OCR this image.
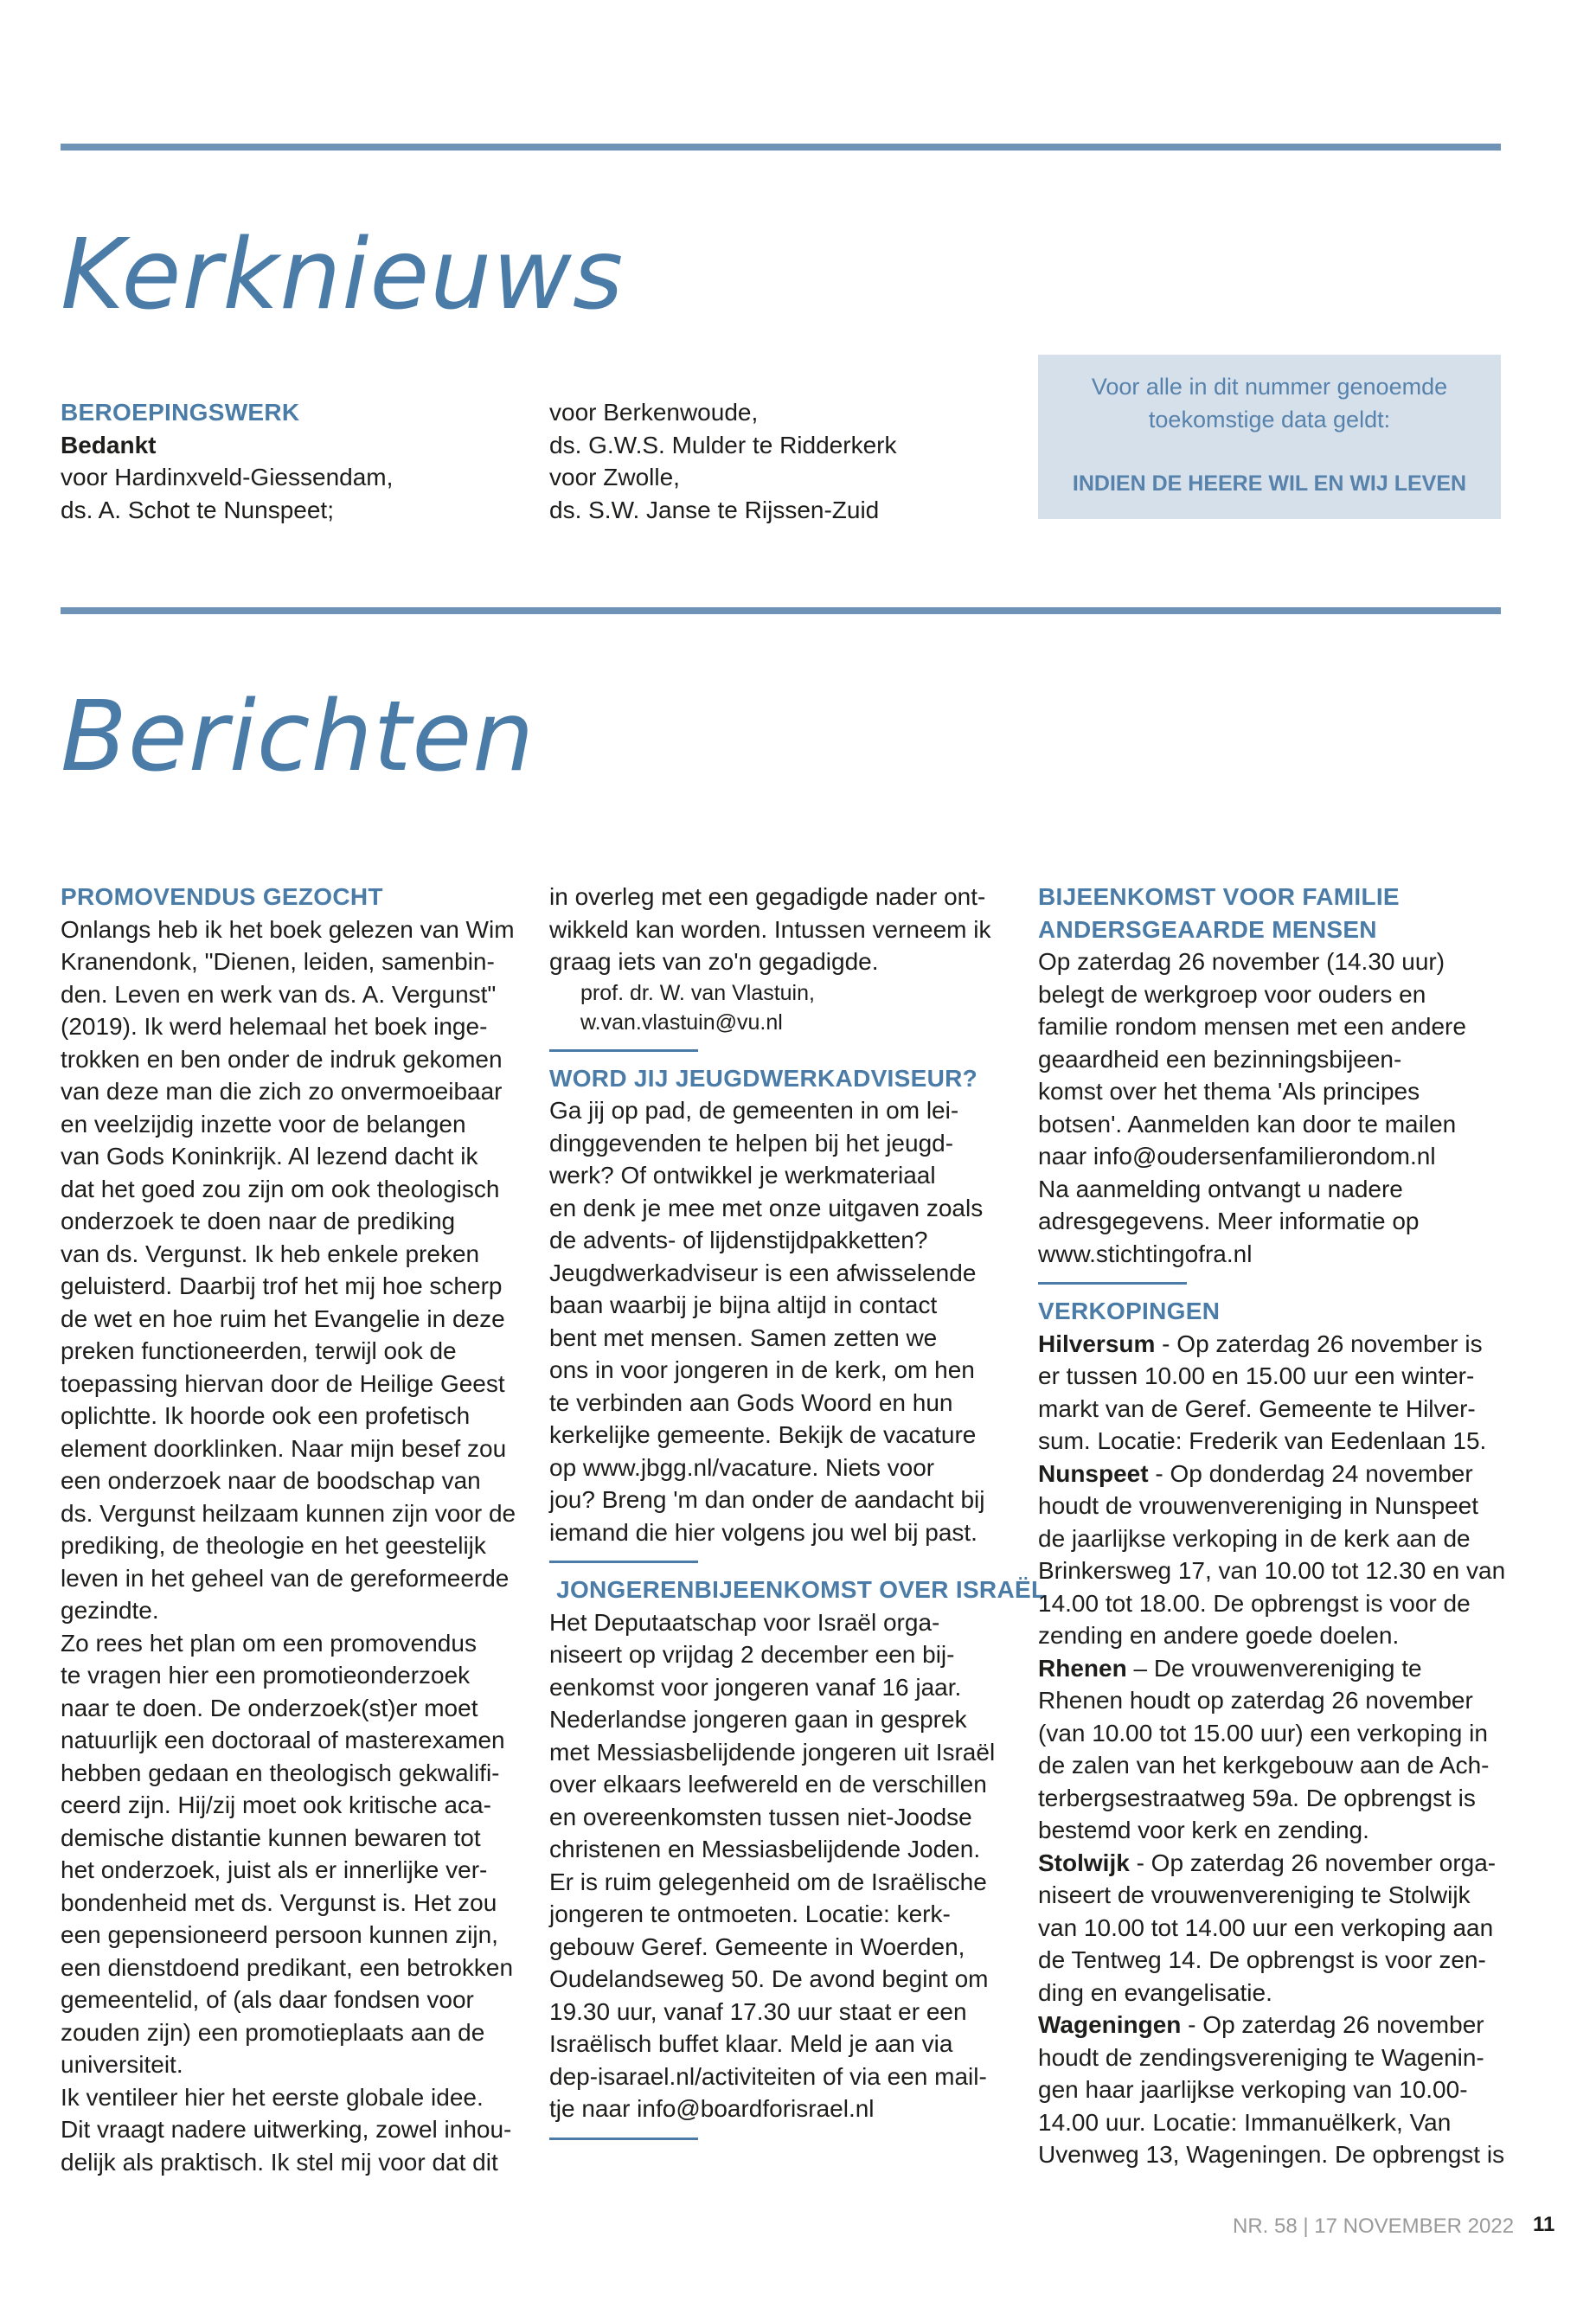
Kerknieuws

BEROEPINGSWERK

Bedankt

voor Hardinxveld-Giessendam,

ds. A. Schot te Nunspeet;

voor Berkenwoude,

ds. G.W.S. Mulder te Ridderkerk

voor Zwolle,

ds. S.W. Janse te Rijssen-Zuid

Voor alle in dit nummer genoemde
toekomstige data geldt:
INDIEN DE HEERE WIL EN WIJ LEVEN
Berichten

PROMOVENDUS GEZOCHT

Onlangs heb ik het boek gelezen van Wim

Kranendonk, "Dienen, leiden, samenbin-

den. Leven en werk van ds. A. Vergunst"

(2019). Ik werd helemaal het boek inge-

trokken en ben onder de indruk gekomen

van deze man die zich zo onvermoeibaar

en veelzijdig inzette voor de belangen

van Gods Koninkrijk. Al lezend dacht ik

dat het goed zou zijn om ook theologisch

onderzoek te doen naar de prediking

van ds. Vergunst. Ik heb enkele preken

geluisterd. Daarbij trof het mij hoe scherp

de wet en hoe ruim het Evangelie in deze

preken functioneerden, terwijl ook de

toepassing hiervan door de Heilige Geest

oplichtte. Ik hoorde ook een profetisch

element doorklinken. Naar mijn besef zou

een onderzoek naar de boodschap van

ds. Vergunst heilzaam kunnen zijn voor de

prediking, de theologie en het geestelijk

leven in het geheel van de gereformeerde

gezindte.

Zo rees het plan om een promovendus

te vragen hier een promotieonderzoek

naar te doen. De onderzoek(st)er moet

natuurlijk een doctoraal of masterexamen

hebben gedaan en theologisch gekwalifi-

ceerd zijn. Hij/zij moet ook kritische aca-

demische distantie kunnen bewaren tot

het onderzoek, juist als er innerlijke ver-

bondenheid met ds. Vergunst is. Het zou

een gepensioneerd persoon kunnen zijn,

een dienstdoend predikant, een betrokken

gemeentelid, of (als daar fondsen voor

zouden zijn) een promotieplaats aan de

universiteit.

Ik ventileer hier het eerste globale idee.

Dit vraagt nadere uitwerking, zowel inhou-

delijk als praktisch. Ik stel mij voor dat dit

in overleg met een gegadigde nader ont-

wikkeld kan worden. Intussen verneem ik

graag iets van zo'n gegadigde.

prof. dr. W. van Vlastuin,

w.van.vlastuin@vu.nl

WORD JIJ JEUGDWERKADVISEUR?

Ga jij op pad, de gemeenten in om lei-

dinggevenden te helpen bij het jeugd-

werk? Of ontwikkel je werkmateriaal

en denk je mee met onze uitgaven zoals

de advents- of lijdenstijdpakketten?

Jeugdwerkadviseur is een afwisselende

baan waarbij je bijna altijd in contact

bent met mensen. Samen zetten we

ons in voor jongeren in de kerk, om hen

te verbinden aan Gods Woord en hun

kerkelijke gemeente. Bekijk de vacature

op www.jbgg.nl/vacature. Niets voor

jou? Breng 'm dan onder de aandacht bij

iemand die hier volgens jou wel bij past.

JONGERENBIJEENKOMST OVER ISRAËL

Het Deputaatschap voor Israël orga-

niseert op vrijdag 2 december een bij-

eenkomst voor jongeren vanaf 16 jaar.

Nederlandse jongeren gaan in gesprek

met Messiasbelijdende jongeren uit Israël

over elkaars leefwereld en de verschillen

en overeenkomsten tussen niet-Joodse

christenen en Messiasbelijdende Joden.

Er is ruim gelegenheid om de Israëlische

jongeren te ontmoeten. Locatie: kerk-

gebouw Geref. Gemeente in Woerden,

Oudelandseweg 50. De avond begint om

19.30 uur, vanaf 17.30 uur staat er een

Israëlisch buffet klaar. Meld je aan via

dep-isarael.nl/activiteiten of via een mail-

tje naar info@boardforisrael.nl

BIJEENKOMST VOOR FAMILIE

ANDERSGEAARDE MENSEN

Op zaterdag 26 november (14.30 uur)

belegt de werkgroep voor ouders en

familie rondom mensen met een andere

geaardheid een bezinningsbijeen-

komst over het thema 'Als principes

botsen'. Aanmelden kan door te mailen

naar info@oudersenfamilierondom.nl

Na aanmelding ontvangt u nadere

adresgegevens. Meer informatie op

www.stichtingofra.nl

VERKOPINGEN

Hilversum - Op zaterdag 26 november is

er tussen 10.00 en 15.00 uur een winter-

markt van de Geref. Gemeente te Hilver-

sum. Locatie: Frederik van Eedenlaan 15.

Nunspeet - Op donderdag 24 november

houdt de vrouwenvereniging in Nunspeet

de jaarlijkse verkoping in de kerk aan de

Brinkersweg 17, van 10.00 tot 12.30 en van

14.00 tot 18.00. De opbrengst is voor de

zending en andere goede doelen.

Rhenen – De vrouwenvereniging te

Rhenen houdt op zaterdag 26 november

(van 10.00 tot 15.00 uur) een verkoping in

de zalen van het kerkgebouw aan de Ach-

terbergsestraatweg 59a. De opbrengst is

bestemd voor kerk en zending.

Stolwijk - Op zaterdag 26 november orga-

niseert de vrouwenvereniging te Stolwijk

van 10.00 tot 14.00 uur een verkoping aan

de Tentweg 14. De opbrengst is voor zen-

ding en evangelisatie.

Wageningen - Op zaterdag 26 november

houdt de zendingsvereniging te Wagenin-

gen haar jaarlijkse verkoping van 10.00-

14.00 uur. Locatie: Immanuëlkerk, Van

Uvenweg 13, Wageningen. De opbrengst is

NR. 58 | 17 NOVEMBER 2022 11
